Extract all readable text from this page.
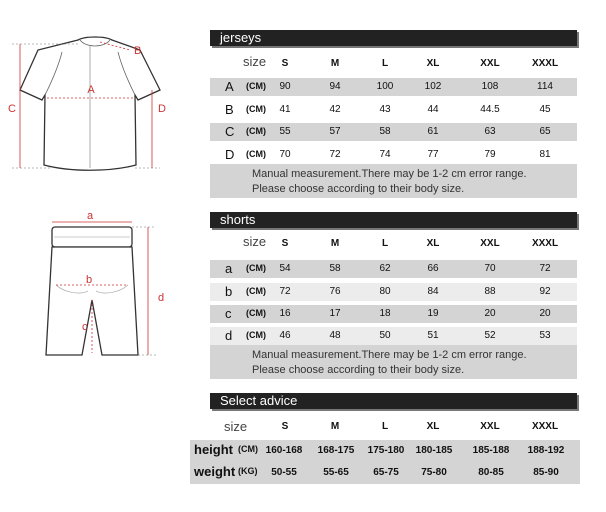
A
B
C	D
a
b
c
d
jerseys
size	S	M	L	XL	XXL	XXXL
A (CM)	90	94	100	102	108	114
B (CM)	41	42	43	44	44.5	45
C (CM)	55	57	58	61	63	65
D (CM)	70	72	74	77	79	81
Manual measurement.There may be 1-2 cm error range.
Please choose according to their body size.
shorts
size	S	M	L	XL	XXL	XXXL
a (CM)	54	58	62	66	70	72
b (CM)	72	76	80	84	88	92
c (CM)	16	17	18	19	20	20
d (CM)	46	48	50	51	52	53
Manual measurement.There may be 1-2 cm error range.
Please choose according to their body size.
Select advice
size	S	M	L	XL	XXL	XXXL
height (CM) 160-168	168-175	175-180	180-185	185-188	188-192
weight (KG)	50-55	55-65	65-75	75-80	80-85	85-90
